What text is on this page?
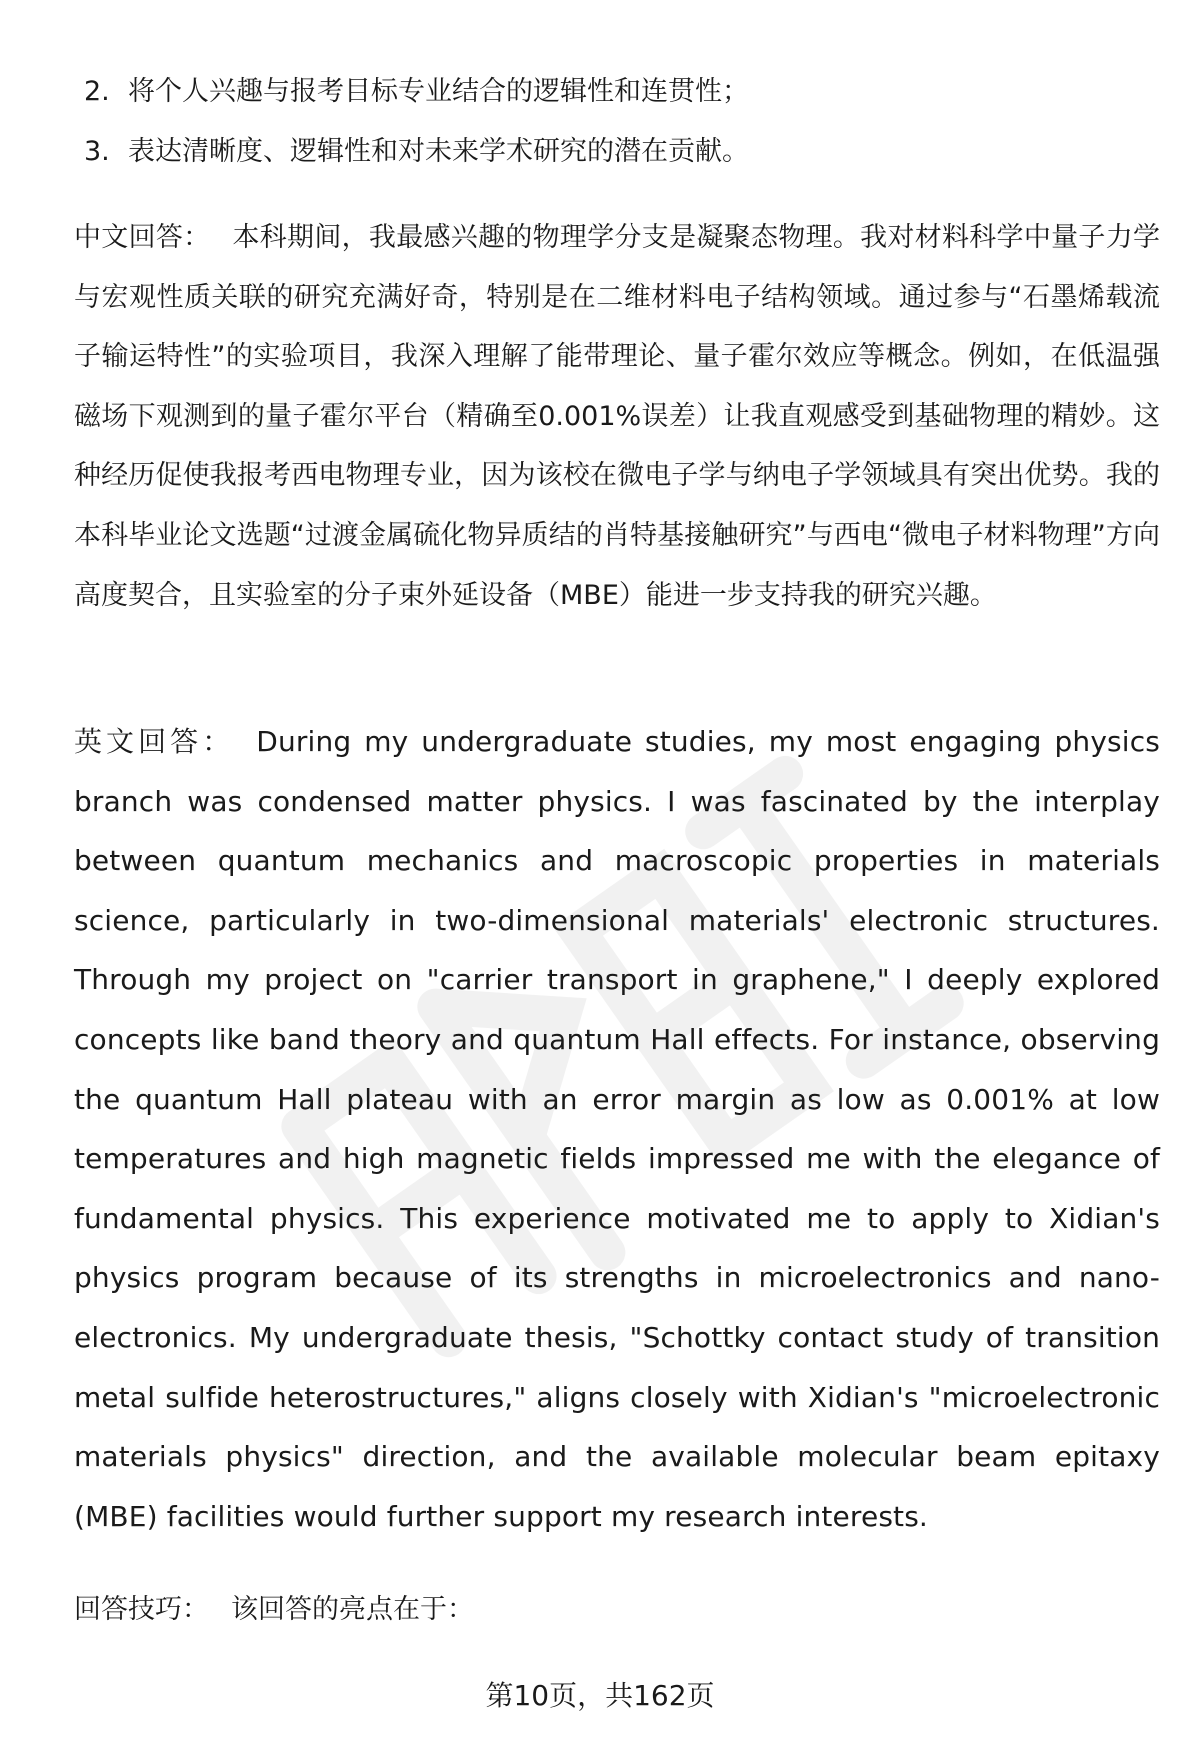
2. 将个人兴趣与报考目标专业结合的逻辑性和连贯性；
3. 表达清晰度、逻辑性和对未来学术研究的潜在贡献。

中文回答： 本科期间，我最感兴趣的物理学分支是凝聚态物理。我对材料科学中量子力学与宏观性质关联的研究充满好奇，特别是在二维材料电子结构领域。通过参与“石墨烯载流子输运特性”的实验项目，我深入理解了能带理论、量子霍尔效应等概念。例如，在低温强磁场下观测到的量子霍尔平台（精确至0.001%误差）让我直观感受到基础物理的精妙。这种经历促使我报考西电物理专业，因为该校在微电子学与纳电子学领域具有突出优势。我的本科毕业论文选题“过渡金属硫化物异质结的肖特基接触研究”与西电“微电子材料物理”方向高度契合，且实验室的分子束外延设备（MBE）能进一步支持我的研究兴趣。

英文回答： During my undergraduate studies, my most engaging physics branch was condensed matter physics. I was fascinated by the interplay between quantum mechanics and macroscopic properties in materials science, particularly in two-dimensional materials' electronic structures. Through my project on "carrier transport in graphene," I deeply explored concepts like band theory and quantum Hall effects. For instance, observing the quantum Hall plateau with an error margin as low as 0.001% at low temperatures and high magnetic fields impressed me with the elegance of fundamental physics. This experience motivated me to apply to Xidian's physics program because of its strengths in microelectronics and nano-electronics. My undergraduate thesis, "Schottky contact study of transition metal sulfide heterostructures," aligns closely with Xidian's "microelectronic materials physics" direction, and the available molecular beam epitaxy (MBE) facilities would further support my research interests.

回答技巧： 该回答的亮点在于：

第10页，共162页
